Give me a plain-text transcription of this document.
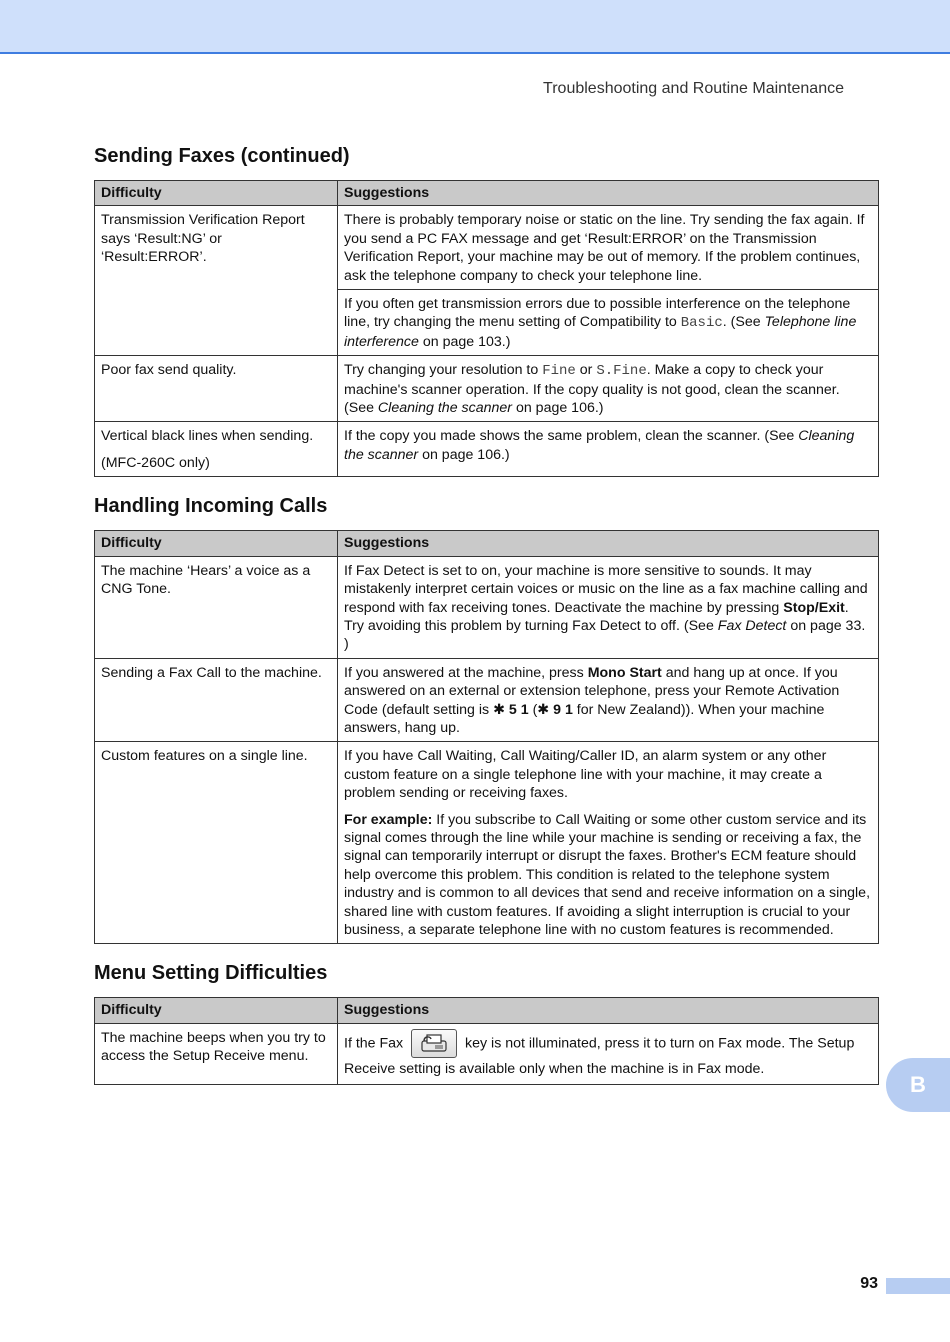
Troubleshooting and Routine Maintenance
Sending Faxes (continued)
Difficulty	Suggestions
Transmission Verification Report says ‘Result:NG’ or ‘Result:ERROR’.	There is probably temporary noise or static on the line. Try sending the fax again. If you send a PC FAX message and get ‘Result:ERROR’ on the Transmission Verification Report, your machine may be out of memory. If the problem continues, ask the telephone company to check your telephone line.
If you often get transmission errors due to possible interference on the telephone line, try changing the menu setting of Compatibility to Basic. (See Telephone line interference on page 103.)

Poor fax send quality.	Try changing your resolution to Fine or S.Fine. Make a copy to check your machine's scanner operation. If the copy quality is not good, clean the scanner. (See Cleaning the scanner on page 106.)

Vertical black lines when sending.
(MFC-260C only)	If the copy you made shows the same problem, clean the scanner. (See Cleaning the scanner on page 106.)
Handling Incoming Calls
Difficulty	Suggestions
The machine ‘Hears’ a voice as a CNG Tone.	If Fax Detect is set to on, your machine is more sensitive to sounds. It may mistakenly interpret certain voices or music on the line as a fax machine calling and respond with fax receiving tones. Deactivate the machine by pressing Stop/Exit. Try avoiding this problem by turning Fax Detect to off. (See Fax Detect on page 33. )
Sending a Fax Call to the machine.	If you answered at the machine, press Mono Start and hang up at once. If you answered on an external or extension telephone, press your Remote Activation Code (default setting is ✱ 5 1 (✱ 9 1 for New Zealand)). When your machine answers, hang up.
Custom features on a single line.	If you have Call Waiting, Call Waiting/Caller ID, an alarm system or any other custom feature on a single telephone line with your machine, it may create a problem sending or receiving faxes.
For example: If you subscribe to Call Waiting or some other custom service and its signal comes through the line while your machine is sending or receiving a fax, the signal can temporarily interrupt or disrupt the faxes. Brother's ECM feature should help overcome this problem. This condition is related to the telephone system industry and is common to all devices that send and receive information on a single, shared line with custom features. If avoiding a slight interruption is crucial to your business, a separate telephone line with no custom features is recommended.
Menu Setting Difficulties
Difficulty	Suggestions
The machine beeps when you try to access the Setup Receive menu.	If the Fax key is not illuminated, press it to turn on Fax mode. The Setup Receive setting is available only when the machine is in Fax mode.
B
93
